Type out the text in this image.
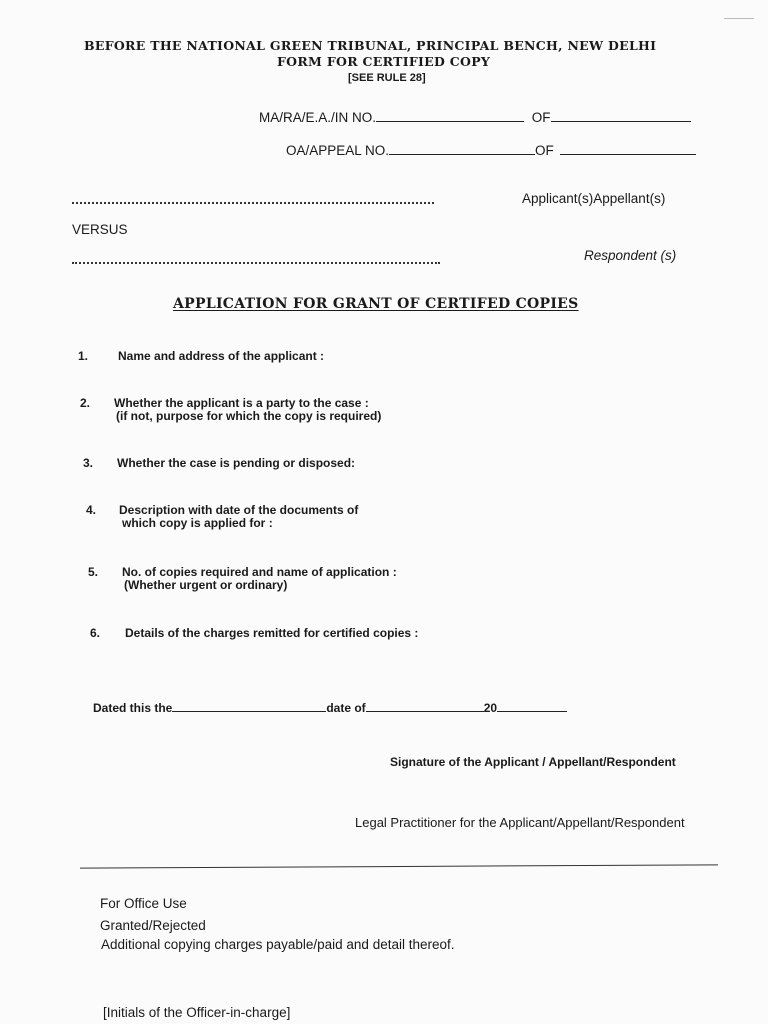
BEFORE THE NATIONAL GREEN TRIBUNAL, PRINCIPAL BENCH, NEW DELHI
FORM FOR CERTIFIED COPY
[SEE RULE 28]
MA/RA/E.A./IN NO.	OF
OA/APPEAL NO.	OF
Applicant(s)Appellant(s)
VERSUS
Respondent (s)
APPLICATION FOR GRANT OF CERTIFED COPIES
1. Name and address of the applicant :
2. Whether the applicant is a party to the case :
(if not, purpose for which the copy is required)
3. Whether the case is pending or disposed:
4. Description with date of the documents of
which copy is applied for :
5. No. of copies required and name of application :
(Whether urgent or ordinary)
6. Details of the charges remitted for certified copies :
Dated this the	date of	20
Signature of the Applicant / Appellant/Respondent
Legal Practitioner for the Applicant/Appellant/Respondent
For Office Use
Granted/Rejected
Additional copying charges payable/paid and detail thereof.
[Initials of the Officer-in-charge]
